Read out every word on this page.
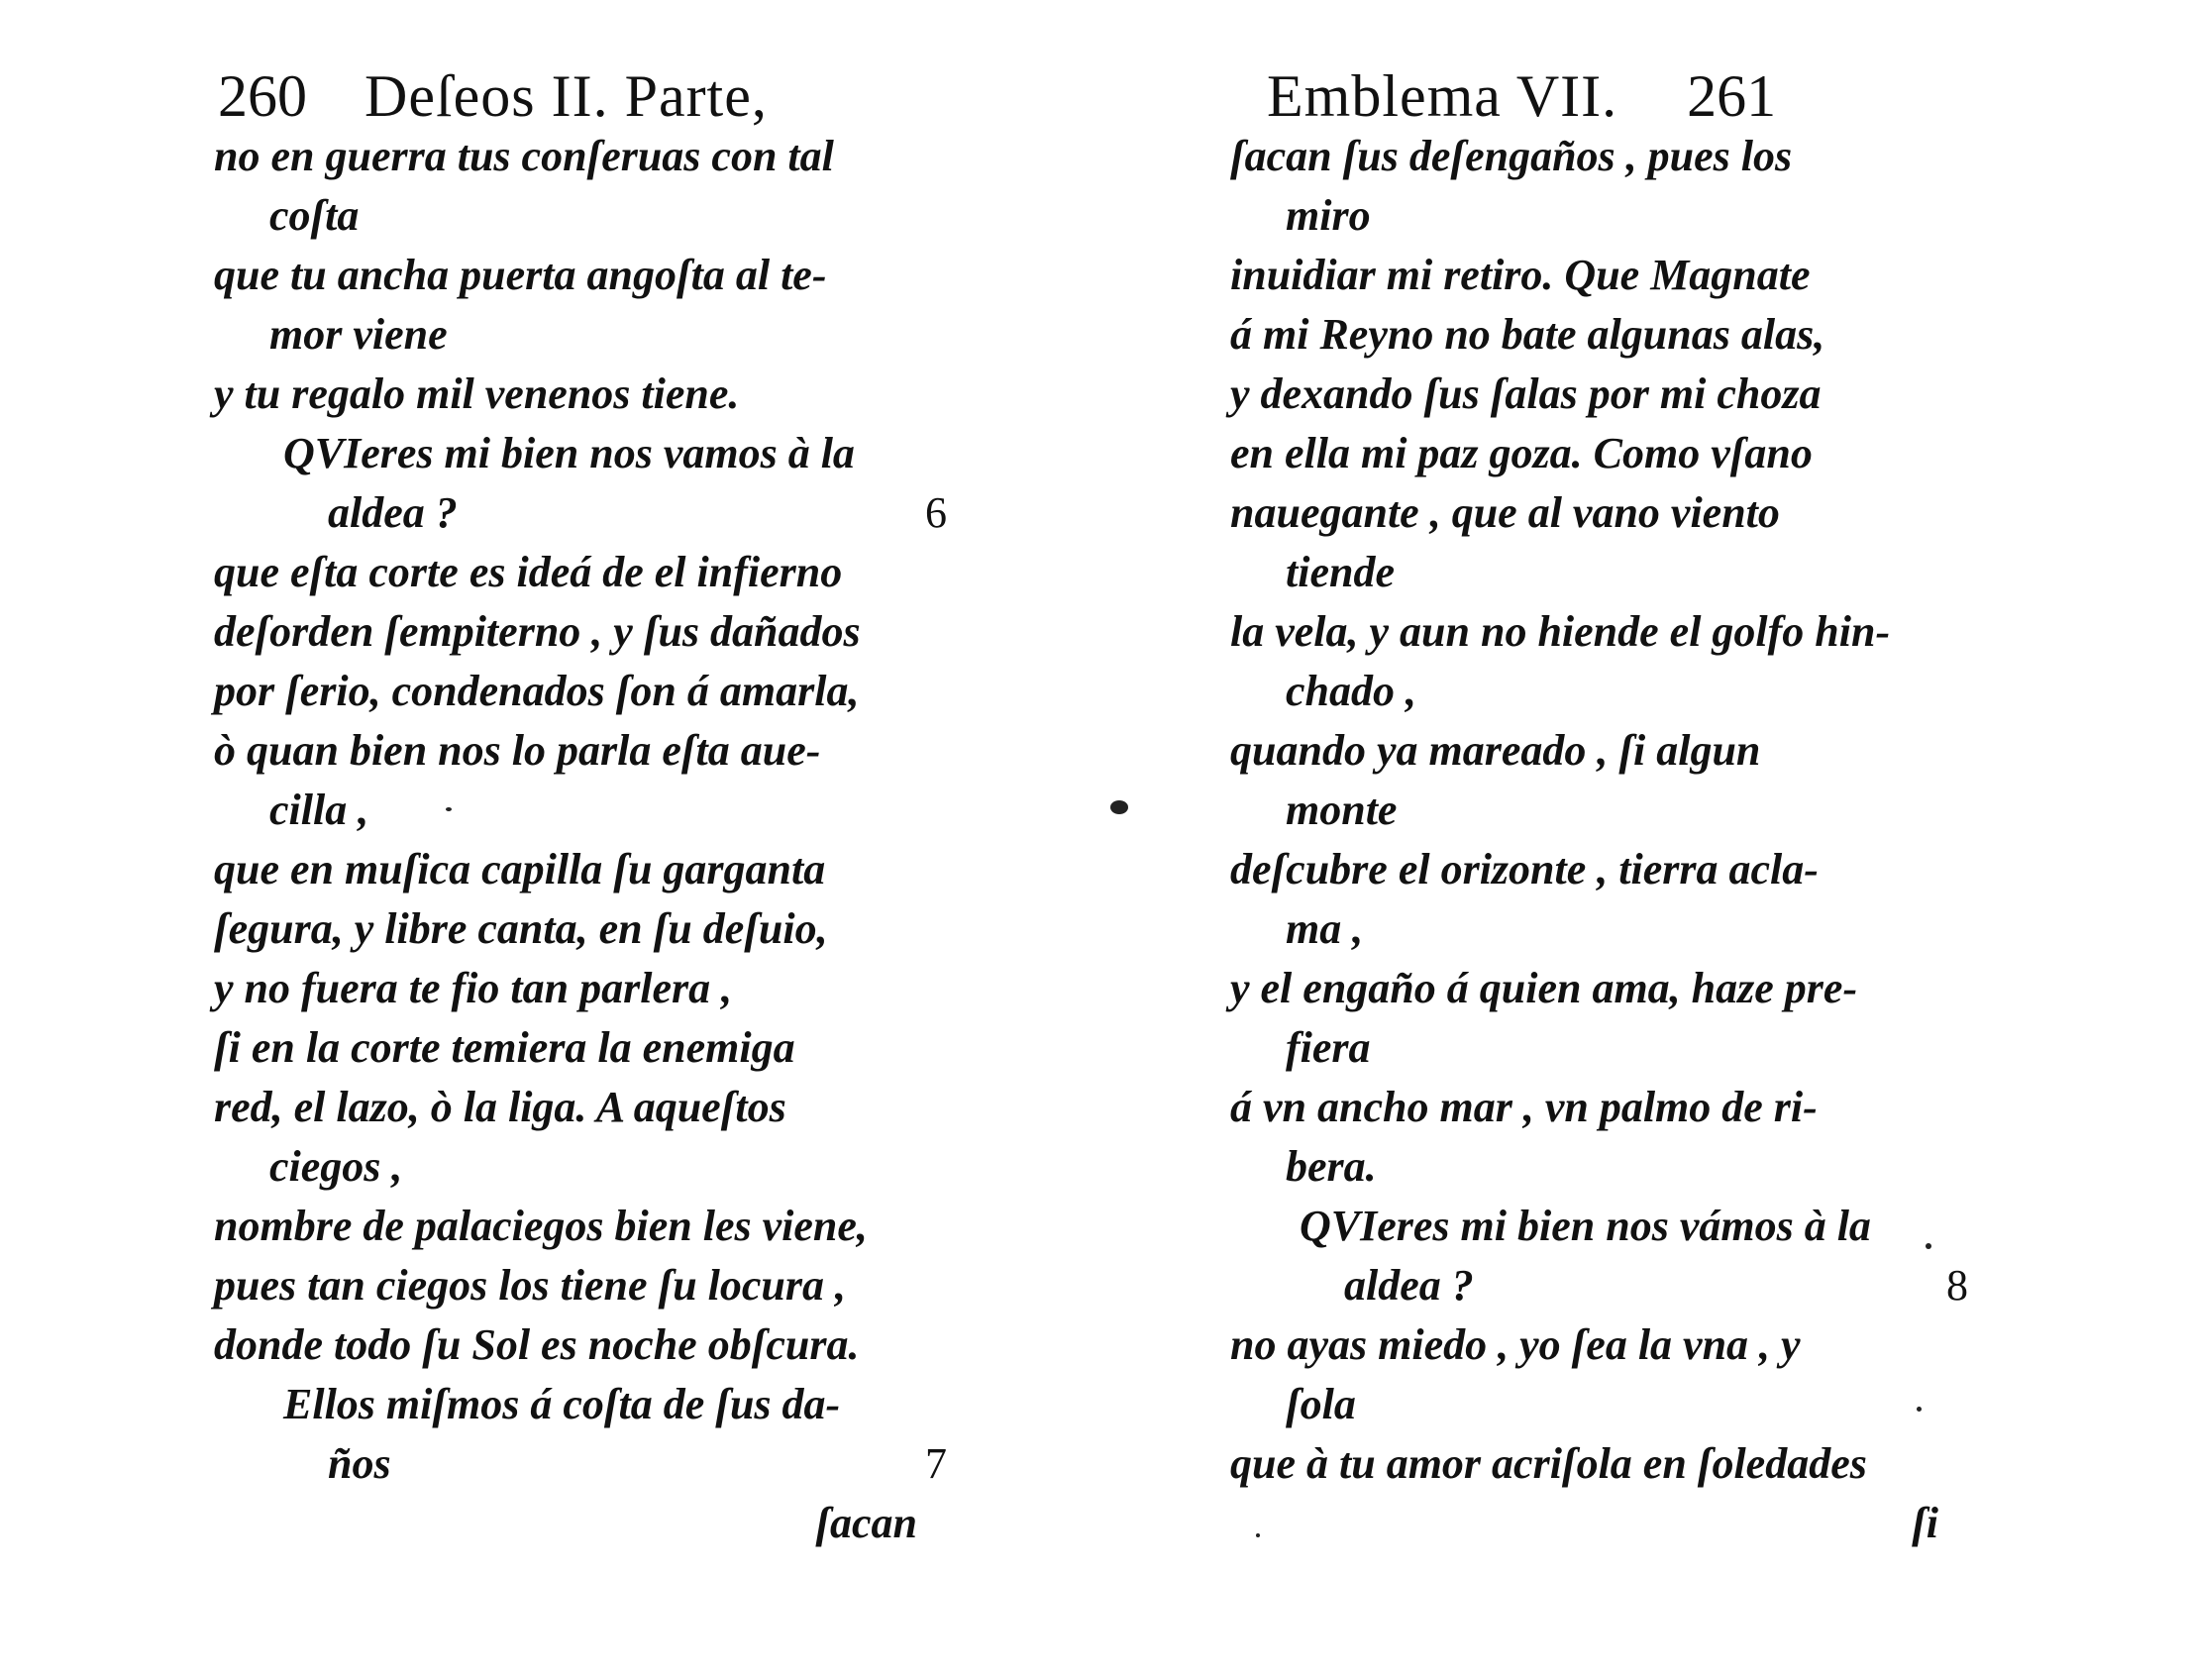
260 Deſeos II. Parte,
no en guerra tus conſeruas con tal
coſta
que tu ancha puerta angoſta al te-
mor viene
y tu regalo mil venenos tiene.
QVIeres mi bien nos vamos à la
aldea ?	6
que eſta corte es ideá de el infierno
deſorden ſempiterno , y ſus dañados
por ſerio, condenados ſon á amarla,
ò quan bien nos lo parla eſta aue-
cilla ,
que en muſica capilla ſu garganta
ſegura, y libre canta, en ſu deſuio,
y no fuera te fio tan parlera ,
ſi en la corte temiera la enemiga
red, el lazo, ò la liga. A aqueſtos
ciegos ,
nombre de palaciegos bien les viene,
pues tan ciegos los tiene ſu locura ,
donde todo ſu Sol es noche obſcura.
Ellos miſmos á coſta de ſus da-
ños	7
ſacan
Emblema VII. 261
ſacan ſus deſengaños , pues los
miro
inuidiar mi retiro. Que Magnate
á mi Reyno no bate algunas alas,
y dexando ſus ſalas por mi choza
en ella mi paz goza. Como vſano
nauegante , que al vano viento
tiende
la vela, y aun no hiende el golfo hin-
chado ,
quando ya mareado , ſi algun
monte
deſcubre el orizonte , tierra acla-
ma ,
y el engaño á quien ama, haze pre-
fiera
á vn ancho mar , vn palmo de ri-
bera.
QVIeres mi bien nos vámos à la
aldea ?	8
no ayas miedo , yo ſea la vna , y
ſola
que à tu amor acriſola en ſoledades
ſi
